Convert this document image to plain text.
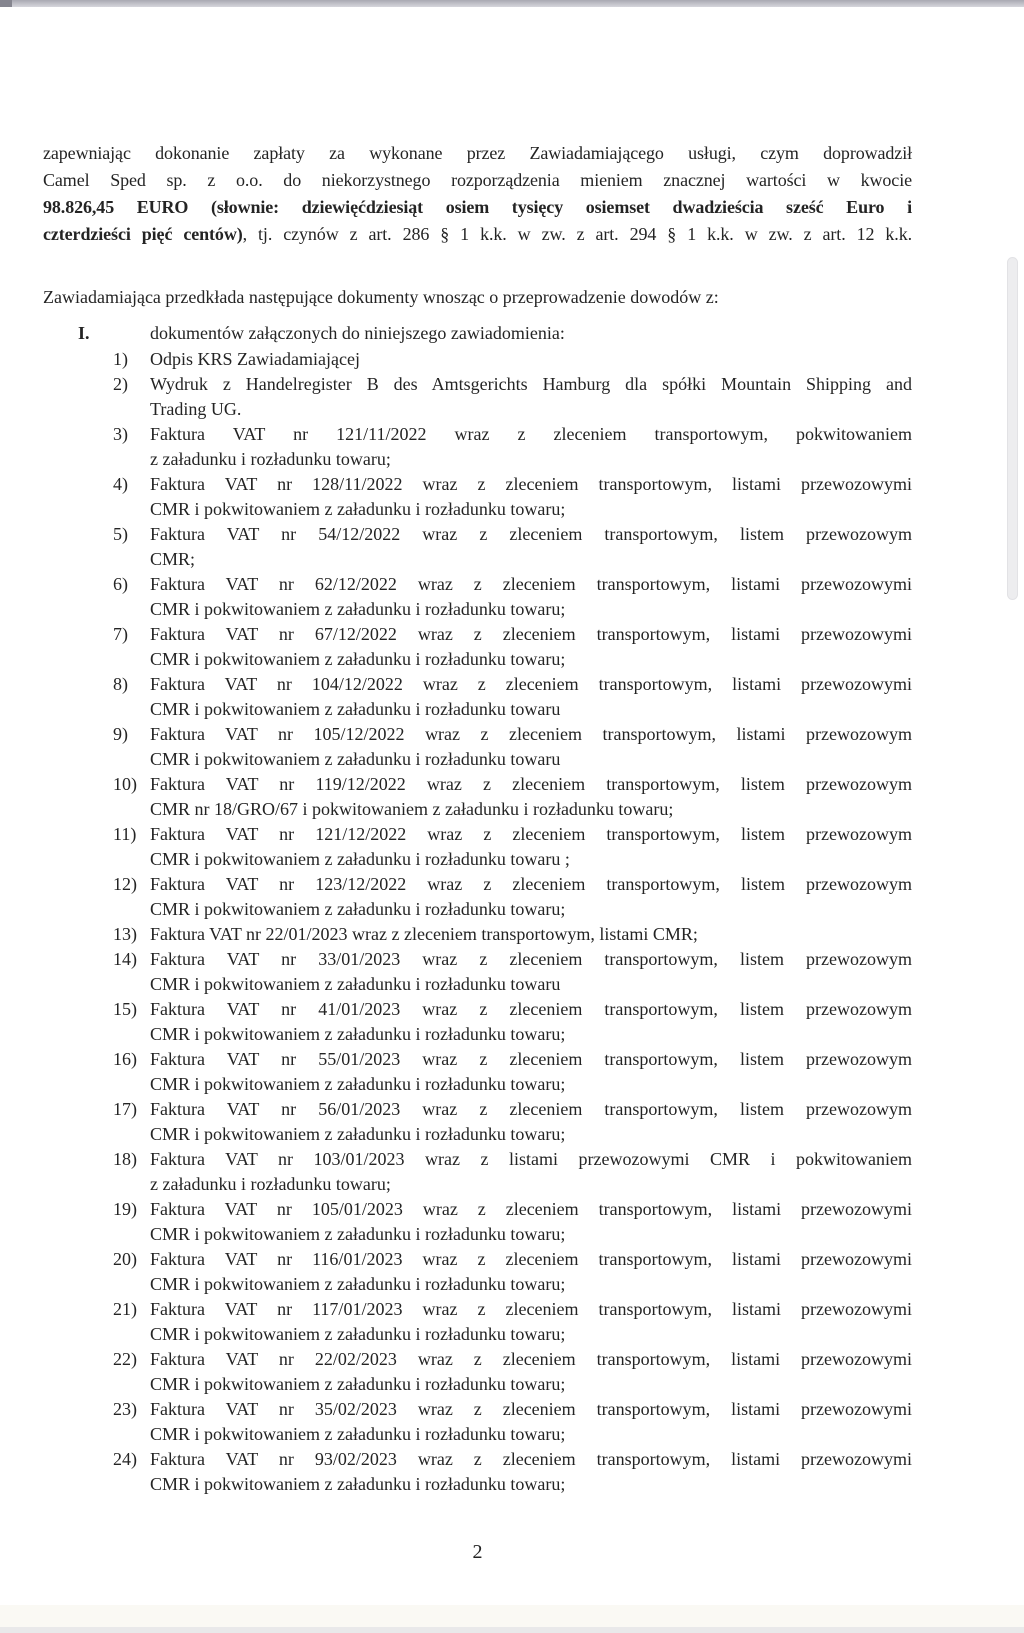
zapewniając dokonanie zapłaty za wykonane przez Zawiadamiającego usługi, czym doprowadził
Camel Sped sp. z o.o. do niekorzystnego rozporządzenia mieniem znacznej wartości w kwocie
98.826,45 EURO (słownie: dziewięćdziesiąt osiem tysięcy osiemset dwadzieścia sześć Euro i
czterdzieści pięć centów), tj. czynów z art. 286 § 1 k.k. w zw. z art. 294 § 1 k.k. w zw. z art. 12 k.k.
Zawiadamiająca przedkłada następujące dokumenty wnosząc o przeprowadzenie dowodów z:
I.	dokumentów załączonych do niniejszego zawiadomienia:
1) Odpis KRS Zawiadamiającej
2) Wydruk z Handelregister B des Amtsgerichts Hamburg dla spółki Mountain Shipping and
Trading UG.
3) Faktura VAT nr 121/11/2022 wraz z zleceniem transportowym, pokwitowaniem
z załadunku i rozładunku towaru;
4) Faktura VAT nr 128/11/2022 wraz z zleceniem transportowym, listami przewozowymi
CMR i pokwitowaniem z załadunku i rozładunku towaru;
5) Faktura VAT nr 54/12/2022 wraz z zleceniem transportowym, listem przewozowym
CMR;
6) Faktura VAT nr 62/12/2022 wraz z zleceniem transportowym, listami przewozowymi
CMR i pokwitowaniem z załadunku i rozładunku towaru;
7) Faktura VAT nr 67/12/2022 wraz z zleceniem transportowym, listami przewozowymi
CMR i pokwitowaniem z załadunku i rozładunku towaru;
8) Faktura VAT nr 104/12/2022 wraz z zleceniem transportowym, listami przewozowymi
CMR i pokwitowaniem z załadunku i rozładunku towaru
9) Faktura VAT nr 105/12/2022 wraz z zleceniem transportowym, listami przewozowym
CMR i pokwitowaniem z załadunku i rozładunku towaru
10) Faktura VAT nr 119/12/2022 wraz z zleceniem transportowym, listem przewozowym
CMR nr 18/GRO/67 i pokwitowaniem z załadunku i rozładunku towaru;
11) Faktura VAT nr 121/12/2022 wraz z zleceniem transportowym, listem przewozowym
CMR i pokwitowaniem z załadunku i rozładunku towaru ;
12) Faktura VAT nr 123/12/2022 wraz z zleceniem transportowym, listem przewozowym
CMR i pokwitowaniem z załadunku i rozładunku towaru;
13) Faktura VAT nr 22/01/2023 wraz z zleceniem transportowym, listami CMR;
14) Faktura VAT nr 33/01/2023 wraz z zleceniem transportowym, listem przewozowym
CMR i pokwitowaniem z załadunku i rozładunku towaru
15) Faktura VAT nr 41/01/2023 wraz z zleceniem transportowym, listem przewozowym
CMR i pokwitowaniem z załadunku i rozładunku towaru;
16) Faktura VAT nr 55/01/2023 wraz z zleceniem transportowym, listem przewozowym
CMR i pokwitowaniem z załadunku i rozładunku towaru;
17) Faktura VAT nr 56/01/2023 wraz z zleceniem transportowym, listem przewozowym
CMR i pokwitowaniem z załadunku i rozładunku towaru;
18) Faktura VAT nr 103/01/2023 wraz z listami przewozowymi CMR i pokwitowaniem
z załadunku i rozładunku towaru;
19) Faktura VAT nr 105/01/2023 wraz z zleceniem transportowym, listami przewozowymi
CMR i pokwitowaniem z załadunku i rozładunku towaru;
20) Faktura VAT nr 116/01/2023 wraz z zleceniem transportowym, listami przewozowymi
CMR i pokwitowaniem z załadunku i rozładunku towaru;
21) Faktura VAT nr 117/01/2023 wraz z zleceniem transportowym, listami przewozowymi
CMR i pokwitowaniem z załadunku i rozładunku towaru;
22) Faktura VAT nr 22/02/2023 wraz z zleceniem transportowym, listami przewozowymi
CMR i pokwitowaniem z załadunku i rozładunku towaru;
23) Faktura VAT nr 35/02/2023 wraz z zleceniem transportowym, listami przewozowymi
CMR i pokwitowaniem z załadunku i rozładunku towaru;
24) Faktura VAT nr 93/02/2023 wraz z zleceniem transportowym, listami przewozowymi
CMR i pokwitowaniem z załadunku i rozładunku towaru;
2
